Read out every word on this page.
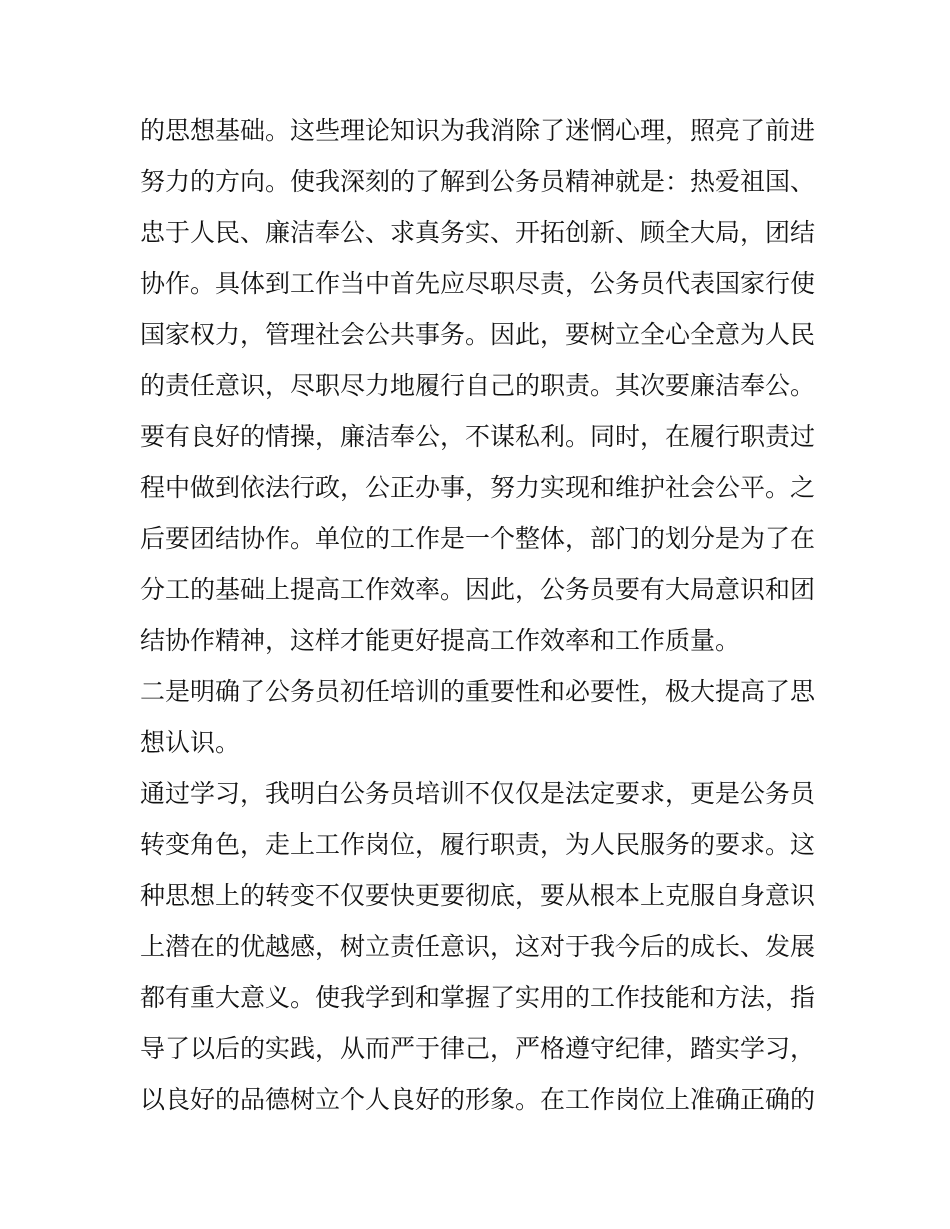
的思想基础。这些理论知识为我消除了迷惘心理，照亮了前进
努力的方向。使我深刻的了解到公务员精神就是：热爱祖国、
忠于人民、廉洁奉公、求真务实、开拓创新、顾全大局，团结
协作。具体到工作当中首先应尽职尽责，公务员代表国家行使
国家权力，管理社会公共事务。因此，要树立全心全意为人民
的责任意识，尽职尽力地履行自己的职责。其次要廉洁奉公。
要有良好的情操，廉洁奉公，不谋私利。同时，在履行职责过
程中做到依法行政，公正办事，努力实现和维护社会公平。之
后要团结协作。单位的工作是一个整体，部门的划分是为了在
分工的基础上提高工作效率。因此，公务员要有大局意识和团
结协作精神，这样才能更好提高工作效率和工作质量。
二是明确了公务员初任培训的重要性和必要性，极大提高了思
想认识。
通过学习，我明白公务员培训不仅仅是法定要求，更是公务员
转变角色，走上工作岗位，履行职责，为人民服务的要求。这
种思想上的转变不仅要快更要彻底，要从根本上克服自身意识
上潜在的优越感，树立责任意识，这对于我今后的成长、发展
都有重大意义。使我学到和掌握了实用的工作技能和方法，指
导了以后的实践，从而严于律己，严格遵守纪律，踏实学习，
以良好的品德树立个人良好的形象。在工作岗位上准确正确的
